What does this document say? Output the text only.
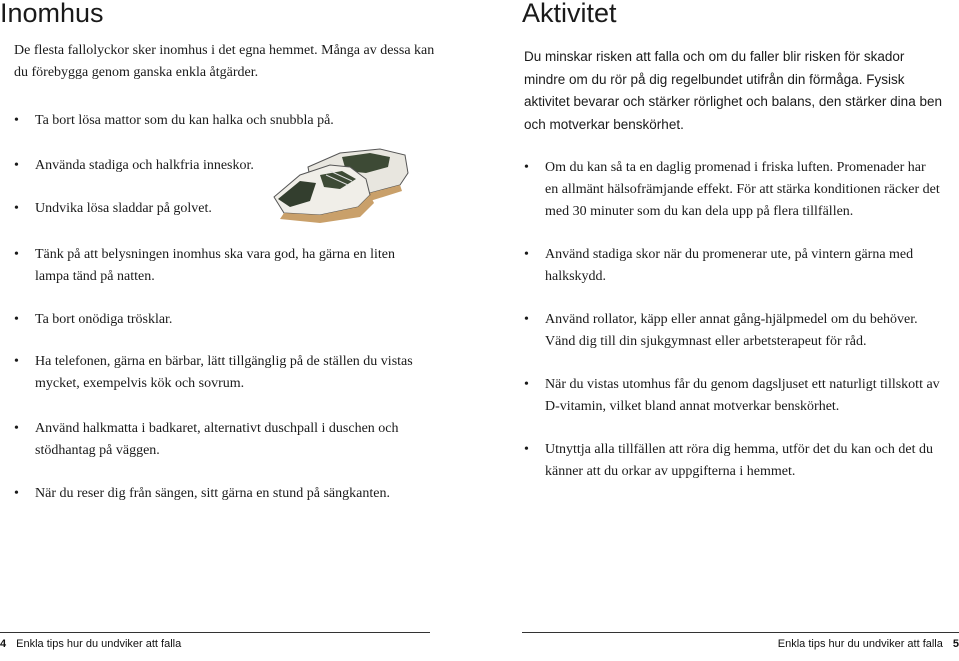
Inomhus
De flesta fallolyckor sker inomhus i det egna hemmet. Många av dessa kan du förebygga genom ganska enkla åtgärder.
•	Ta bort lösa mattor som du kan halka och snubbla på.
•	Använda stadiga och halkfria inneskor.
•	Undvika lösa sladdar på golvet.
•	Tänk på att belysningen inomhus ska vara god, ha gärna en liten lampa tänd på natten.
•	Ta bort onödiga trösklar.
•	Ha telefonen, gärna en bärbar, lätt tillgänglig på de ställen du vistas mycket, exempelvis kök och sovrum.
•	Använd halkmatta i badkaret, alternativt duschpall i duschen och stödhantag på väggen.
•	När du reser dig från sängen, sitt gärna en stund på sängkanten.
Aktivitet
Du minskar risken att falla och om du faller blir risken för skador mindre om du rör på dig regelbundet utifrån din förmåga. Fysisk aktivitet bevarar och stärker rörlighet och balans, den stärker dina ben och motverkar benskörhet.
•	Om du kan så ta en daglig promenad i friska luften. Promenader har en allmänt hälsofrämjande effekt. För att stärka konditionen räcker det med 30 minuter som du kan dela upp på flera tillfällen.
•	Använd stadiga skor när du promenerar ute, på vintern gärna med halkskydd.
•	Använd rollator, käpp eller annat gång-hjälpmedel om du behöver. Vänd dig till din sjukgymnast eller arbetsterapeut för råd.
•	När du vistas utomhus får du genom dagsljuset ett naturligt tillskott av D-vitamin, vilket bland annat motverkar benskörhet.
•	Utnyttja alla tillfällen att röra dig hemma, utför det du kan och det du känner att du orkar av uppgifterna i hemmet.
4 Enkla tips hur du undviker att falla	Enkla tips hur du undviker att falla 5
